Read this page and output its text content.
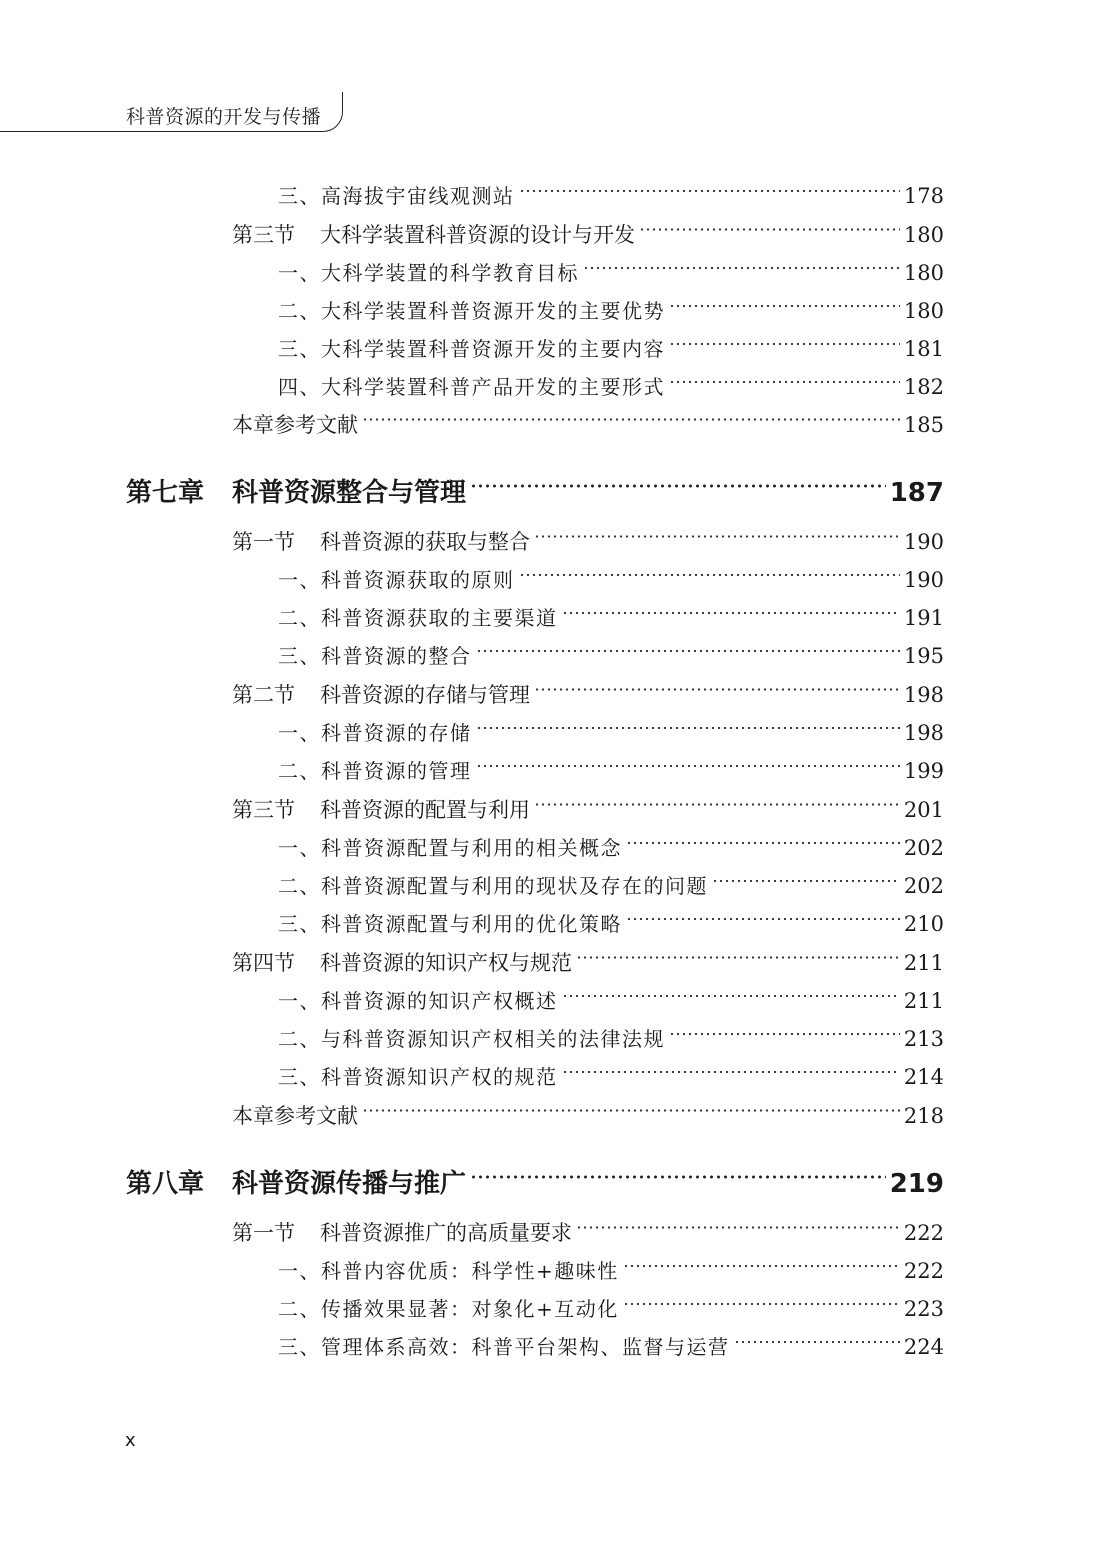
科普资源的开发与传播
三、高海拔宇宙线观测站	178
第三节 大科学装置科普资源的设计与开发	180
一、大科学装置的科学教育目标	180
二、大科学装置科普资源开发的主要优势	180
三、大科学装置科普资源开发的主要内容	181
四、大科学装置科普产品开发的主要形式	182
本章参考文献	185
第七章 科普资源整合与管理	187
第一节 科普资源的获取与整合	190
一、科普资源获取的原则	190
二、科普资源获取的主要渠道	191
三、科普资源的整合	195
第二节 科普资源的存储与管理	198
一、科普资源的存储	198
二、科普资源的管理	199
第三节 科普资源的配置与利用	201
一、科普资源配置与利用的相关概念	202
二、科普资源配置与利用的现状及存在的问题	202
三、科普资源配置与利用的优化策略	210
第四节 科普资源的知识产权与规范	211
一、科普资源的知识产权概述	211
二、与科普资源知识产权相关的法律法规	213
三、科普资源知识产权的规范	214
本章参考文献	218
第八章 科普资源传播与推广	219
第一节 科普资源推广的高质量要求	222
一、科普内容优质：科学性+趣味性	222
二、传播效果显著：对象化+互动化	223
三、管理体系高效：科普平台架构、监督与运营	224
x
